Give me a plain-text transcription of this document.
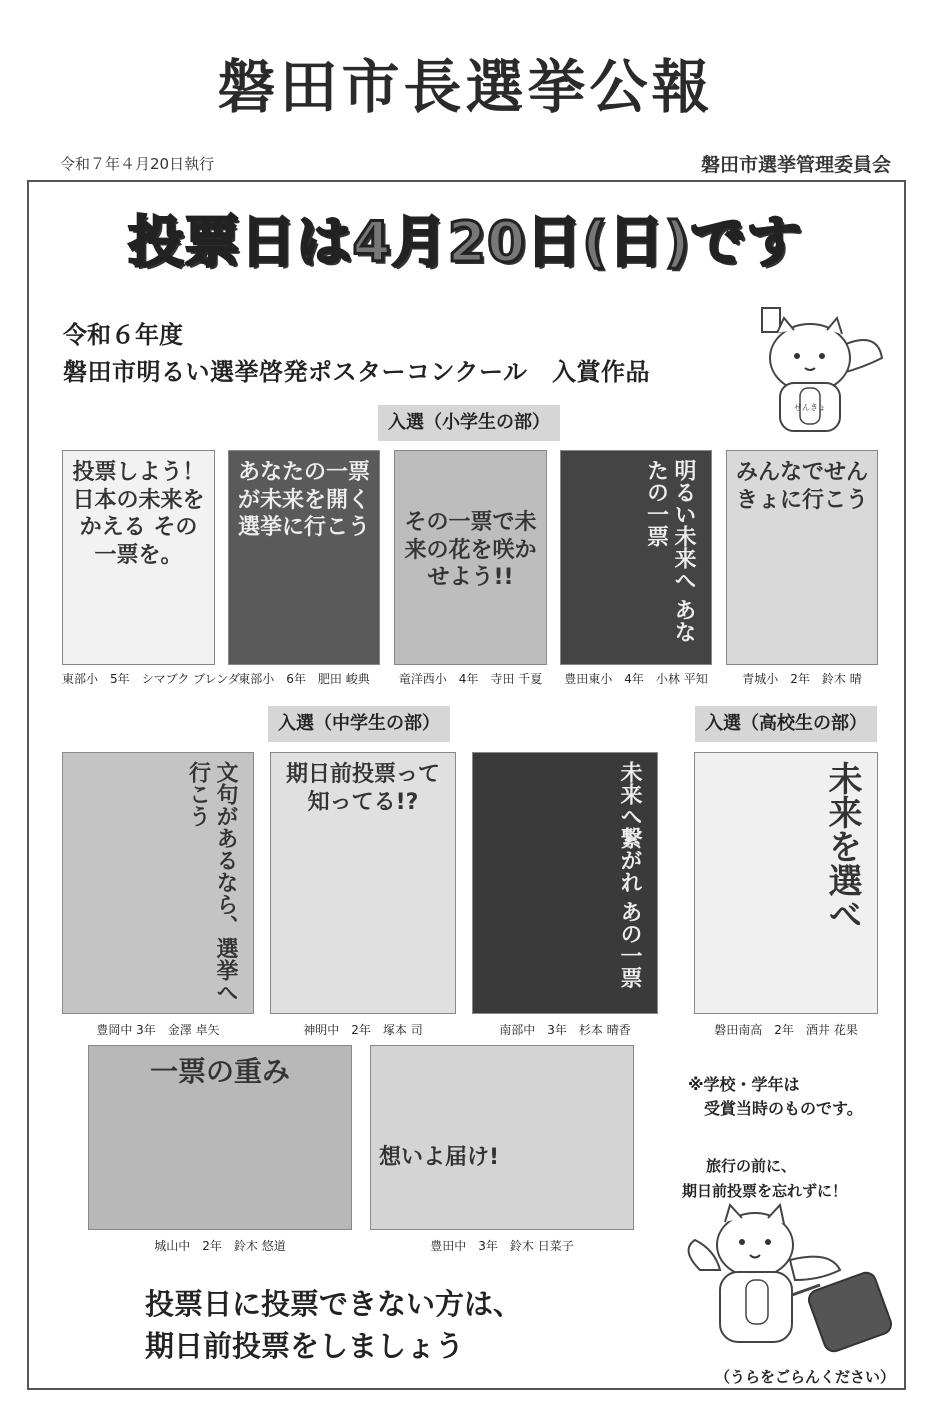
磐田市長選挙公報
令和７年４月20日執行	磐田市選挙管理委員会
投票日は4月20日(日)です
令和６年度
磐田市明るい選挙啓発ポスターコンクール　入賞作品
せんきょ
入選（小学生の部）
入選（中学生の部）	入選（高校生の部）
投票しよう！ 日本の未来をかえる その一票を。
東部小　5年　シマブク ブレンダ
あなたの一票が未来を開く 選挙に行こう
東部小　6年　肥田 峻典
その一票で未来の花を咲かせよう!!
竜洋西小　4年　寺田 千夏
明るい未来へ あなたの一票
豊田東小　4年　小林 平知
みんなでせんきょに行こう
青城小　2年　鈴木 晴
文句があるなら、選挙へ行こう
豊岡中 3年　金澤 卓矢
期日前投票って知ってる!?
神明中　2年　塚本 司
未来へ繋がれ あの一票
南部中　3年　杉本 晴香
未来を選べ
磐田南高　2年　酒井 花果
一票の重み
城山中　2年　鈴木 悠道
想いよ届け!
豊田中　3年　鈴木 日菜子
※学校・学年は
受賞当時のものです。
投票日に投票できない方は、
期日前投票をしましょう
旅行の前に、
期日前投票を忘れずに！
（うらをごらんください）
